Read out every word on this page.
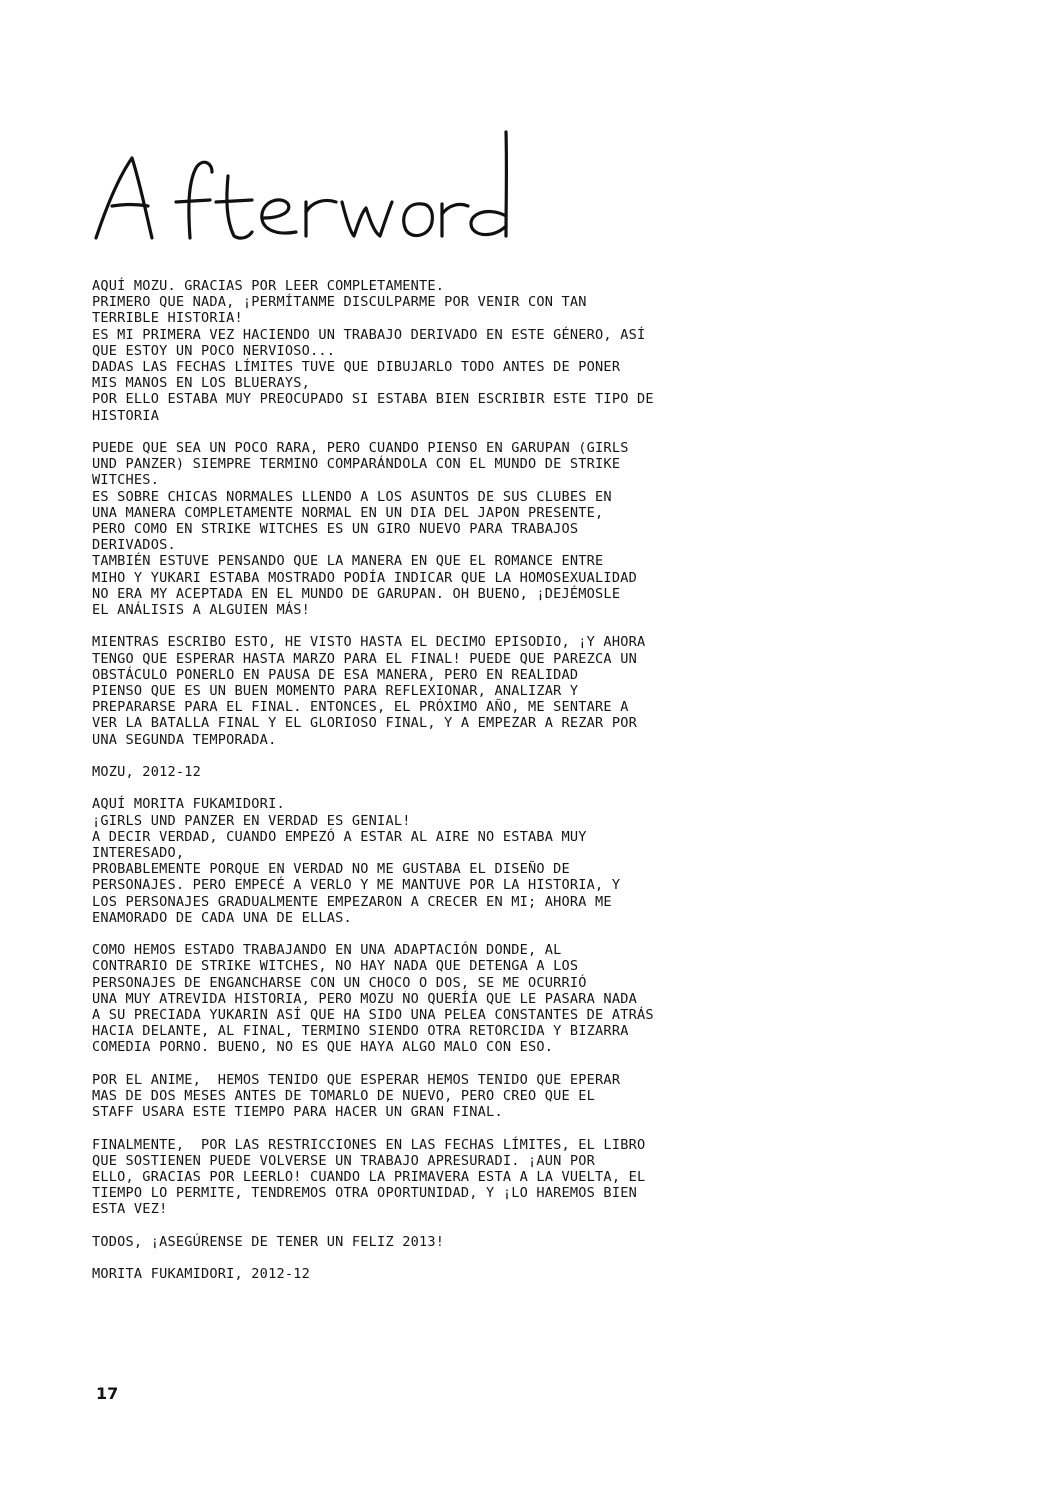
AQUÍ MOZU. GRACIAS POR LEER COMPLETAMENTE.
PRIMERO QUE NADA, ¡PERMÍTANME DISCULPARME POR VENIR CON TAN
TERRIBLE HISTORIA!
ES MI PRIMERA VEZ HACIENDO UN TRABAJO DERIVADO EN ESTE GÉNERO, ASÍ
QUE ESTOY UN POCO NERVIOSO...
DADAS LAS FECHAS LÍMITES TUVE QUE DIBUJARLO TODO ANTES DE PONER
MIS MANOS EN LOS BLUERAYS,
POR ELLO ESTABA MUY PREOCUPADO SI ESTABA BIEN ESCRIBIR ESTE TIPO DE
HISTORIA
PUEDE QUE SEA UN POCO RARA, PERO CUANDO PIENSO EN GARUPAN (GIRLS
UND PANZER) SIEMPRE TERMINO COMPARÁNDOLA CON EL MUNDO DE STRIKE
WITCHES.
ES SOBRE CHICAS NORMALES LLENDO A LOS ASUNTOS DE SUS CLUBES EN
UNA MANERA COMPLETAMENTE NORMAL EN UN DIA DEL JAPON PRESENTE,
PERO COMO EN STRIKE WITCHES ES UN GIRO NUEVO PARA TRABAJOS
DERIVADOS.
TAMBIÉN ESTUVE PENSANDO QUE LA MANERA EN QUE EL ROMANCE ENTRE
MIHO Y YUKARI ESTABA MOSTRADO PODÍA INDICAR QUE LA HOMOSEXUALIDAD
NO ERA MY ACEPTADA EN EL MUNDO DE GARUPAN. OH BUENO, ¡DEJÉMOSLE
EL ANÁLISIS A ALGUIEN MÁS!
MIENTRAS ESCRIBO ESTO, HE VISTO HASTA EL DECIMO EPISODIO, ¡Y AHORA
TENGO QUE ESPERAR HASTA MARZO PARA EL FINAL! PUEDE QUE PAREZCA UN
OBSTÁCULO PONERLO EN PAUSA DE ESA MANERA, PERO EN REALIDAD
PIENSO QUE ES UN BUEN MOMENTO PARA REFLEXIONAR, ANALIZAR Y
PREPARARSE PARA EL FINAL. ENTONCES, EL PRÓXIMO AÑO, ME SENTARE A
VER LA BATALLA FINAL Y EL GLORIOSO FINAL, Y A EMPEZAR A REZAR POR
UNA SEGUNDA TEMPORADA.
MOZU, 2012-12
AQUÍ MORITA FUKAMIDORI.
¡GIRLS UND PANZER EN VERDAD ES GENIAL!
A DECIR VERDAD, CUANDO EMPEZÓ A ESTAR AL AIRE NO ESTABA MUY
INTERESADO,
PROBABLEMENTE PORQUE EN VERDAD NO ME GUSTABA EL DISEÑO DE
PERSONAJES. PERO EMPECÉ A VERLO Y ME MANTUVE POR LA HISTORIA, Y
LOS PERSONAJES GRADUALMENTE EMPEZARON A CRECER EN MI; AHORA ME
ENAMORADO DE CADA UNA DE ELLAS.
COMO HEMOS ESTADO TRABAJANDO EN UNA ADAPTACIÓN DONDE, AL
CONTRARIO DE STRIKE WITCHES, NO HAY NADA QUE DETENGA A LOS
PERSONAJES DE ENGANCHARSE CON UN CHOCO O DOS, SE ME OCURRIÓ
UNA MUY ATREVIDA HISTORIA, PERO MOZU NO QUERÍA QUE LE PASARA NADA
A SU PRECIADA YUKARIN ASÍ QUE HA SIDO UNA PELEA CONSTANTES DE ATRÁS
HACIA DELANTE, AL FINAL, TERMINO SIENDO OTRA RETORCIDA Y BIZARRA
COMEDIA PORNO. BUENO, NO ES QUE HAYA ALGO MALO CON ESO.
POR EL ANIME,  HEMOS TENIDO QUE ESPERAR HEMOS TENIDO QUE EPERAR
MAS DE DOS MESES ANTES DE TOMARLO DE NUEVO, PERO CREO QUE EL
STAFF USARA ESTE TIEMPO PARA HACER UN GRAN FINAL.
FINALMENTE,  POR LAS RESTRICCIONES EN LAS FECHAS LÍMITES, EL LIBRO
QUE SOSTIENEN PUEDE VOLVERSE UN TRABAJO APRESURADI. ¡AUN POR
ELLO, GRACIAS POR LEERLO! CUANDO LA PRIMAVERA ESTA A LA VUELTA, EL
TIEMPO LO PERMITE, TENDREMOS OTRA OPORTUNIDAD, Y ¡LO HAREMOS BIEN
ESTA VEZ!
TODOS, ¡ASEGÚRENSE DE TENER UN FELIZ 2013!
MORITA FUKAMIDORI, 2012-12
17
